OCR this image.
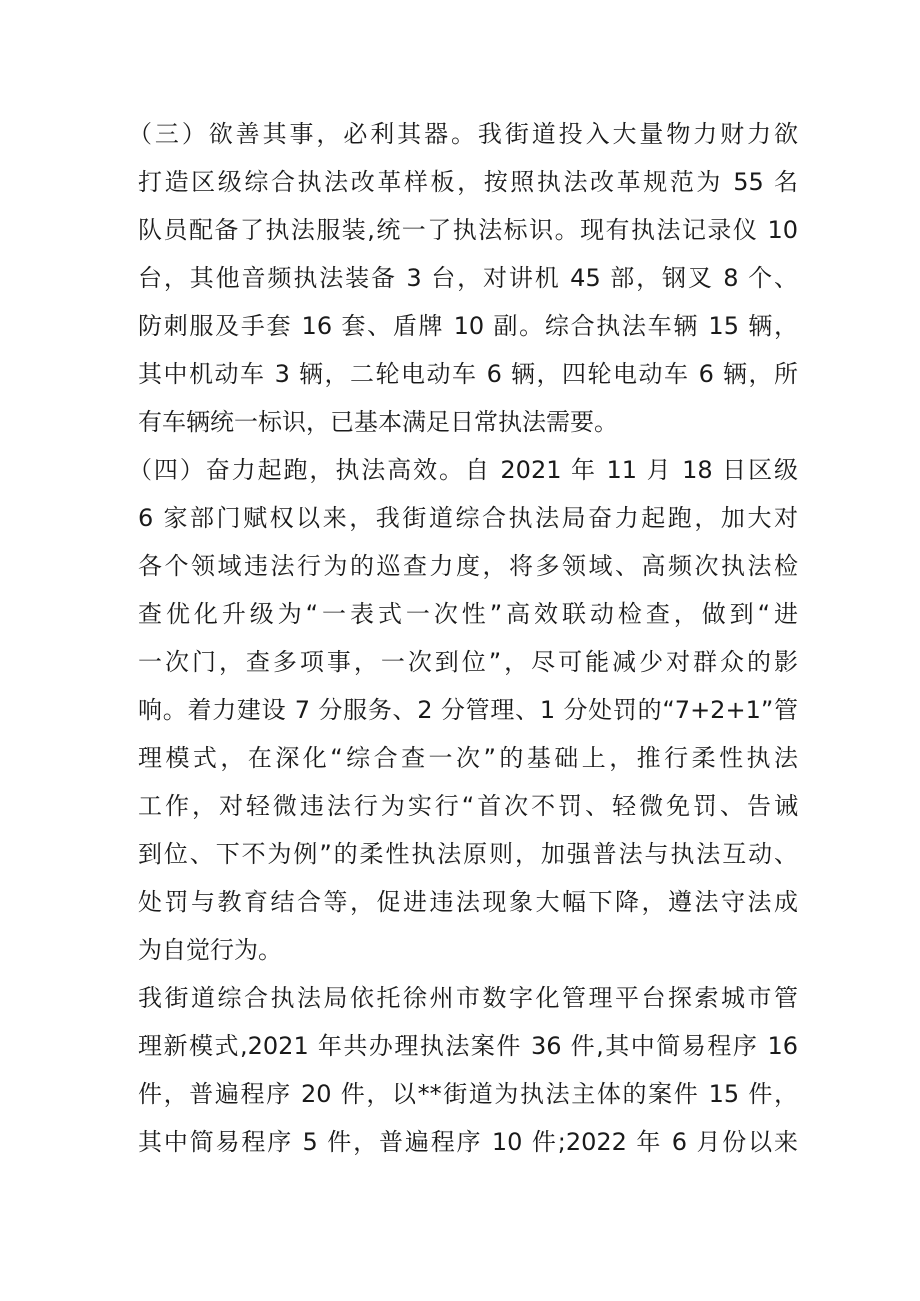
（三）欲善其事，必利其器。我街道投入大量物力财力欲
打造区级综合执法改革样板，按照执法改革规范为 55 名
队员配备了执法服装,统一了执法标识。现有执法记录仪 10
台，其他音频执法装备 3 台，对讲机 45 部，钢叉 8 个、
防刺服及手套 16 套、盾牌 10 副。综合执法车辆 15 辆，
其中机动车 3 辆，二轮电动车 6 辆，四轮电动车 6 辆，所
有车辆统一标识，已基本满足日常执法需要。
（四）奋力起跑，执法高效。自 2021 年 11 月 18 日区级
6 家部门赋权以来，我街道综合执法局奋力起跑，加大对
各个领域违法行为的巡查力度，将多领域、高频次执法检
查优化升级为“一表式一次性”高效联动检查，做到“进
一次门，查多项事，一次到位”，尽可能减少对群众的影
响。着力建设 7 分服务、2 分管理、1 分处罚的“7+2+1”管
理模式，在深化“综合查一次”的基础上，推行柔性执法
工作，对轻微违法行为实行“首次不罚、轻微免罚、告诫
到位、下不为例”的柔性执法原则，加强普法与执法互动、
处罚与教育结合等，促进违法现象大幅下降，遵法守法成
为自觉行为。
我街道综合执法局依托徐州市数字化管理平台探索城市管
理新模式,2021 年共办理执法案件 36 件,其中简易程序 16
件，普遍程序 20 件，以**街道为执法主体的案件 15 件，
其中简易程序 5 件，普遍程序 10 件;2022 年 6 月份以来
